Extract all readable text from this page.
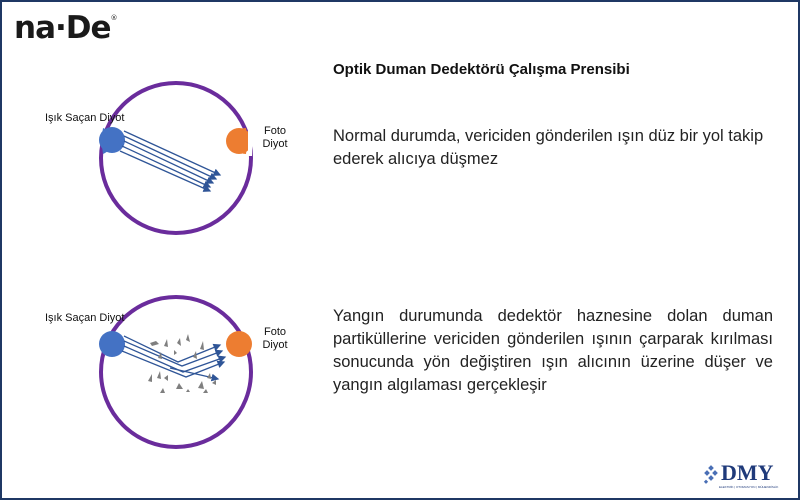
na·De®
Optik Duman Dedektörü Çalışma Prensibi
Işık Saçan Diyot
Foto Diyot
Işık Saçan Diyot
Foto Diyot
Normal durumda, vericiden gönderilen ışın düz bir yol takip ederek alıcıya düşmez
Yangın durumunda dedektör haznesine dolan duman partiküllerine vericiden gönderilen ışının çarparak kırılması sonucunda yön değiştiren ışın alıcının üzerine düşer ve yangın algılaması gerçekleşir
DMY
ELEKTRİK | OTOMASYON | MÜHENDİSLİK
